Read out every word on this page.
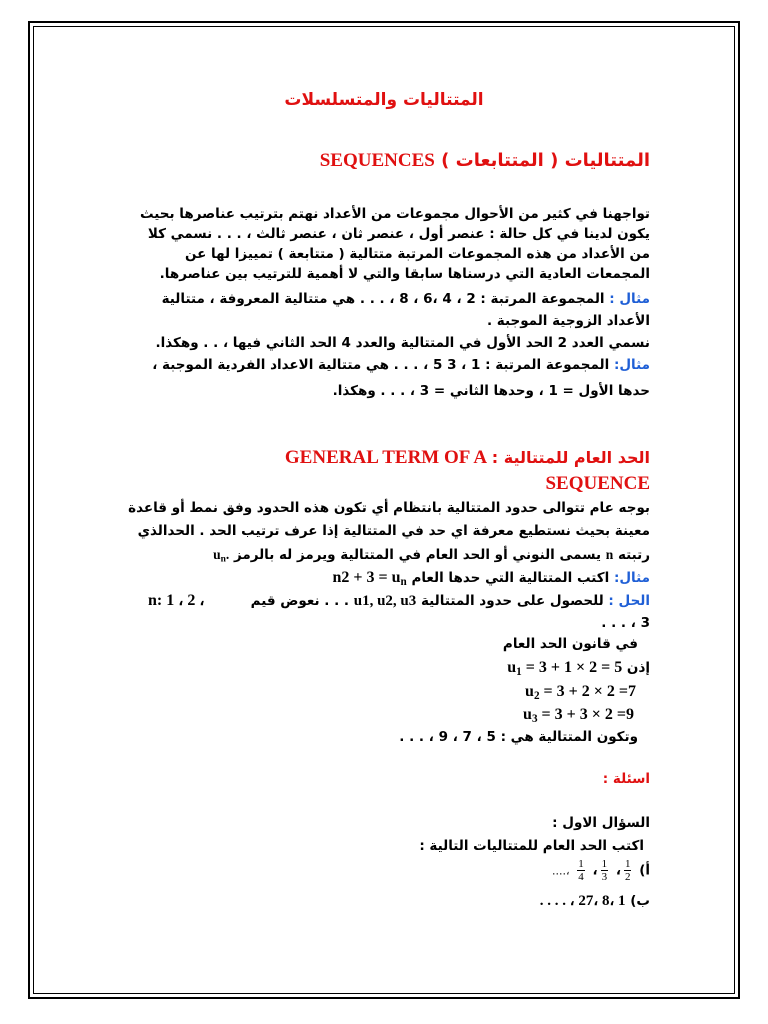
المتتاليات والمتسلسلات
المتتاليات ( المتتابعات ) SEQUENCES
تواجهنا في كثير من الأحوال مجموعات من الأعداد نهتم بترتيب عناصرها بحيث
يكون لدينا في كل حالة : عنصر أول ، عنصر ثان ، عنصر ثالث ، . . . نسمي كلا
من الأعداد من هذه المجموعات المرتبة متتالية ( متتابعة ) تمييزا لها عن
المجمعات العادية التي درسناها سابقا والتي لا أهمية للترتيب بين عناصرها.
مثال : المجموعة المرتبة : 2 ، 4 ،6 ، 8 ، . . . هي متتالية المعروفة ، متتالية
الأعداد الزوجية الموجبة .
نسمي العدد 2 الحد الأول في المتتالية والعدد 4 الحد الثاني فيها ، . . وهكذا.
مثال: المجموعة المرتبة : 1 ، 3 5 ، . . . هي متتالية الاعداد الفردية الموجبة ،
حدها الأول = 1 ، وحدها الثاني = 3 ، . . . وهكذا.
الحد العام للمتتالية : GENERAL TERM OF A
SEQUENCE
بوجه عام تتوالى حدود المتتالية بانتظام أي تكون هذه الحدود وفق نمط أو قاعدة
معينة بحيث نستطيع معرفة اي حد في المتتالية إذا عرف ترتيب الحد . الحدالذي
رتبته n يسمى النوني أو الحد العام في المتتالية ويرمز له بالرمز $u_n$.
مثال: اكتب المتتالية التي حدها العام $n2 + 3 = u_n$
الحل : للحصول على حدود المتتالية u1, u2, u3 . . . نعوض قيم
n: 1 ، 2 ،
3 ، . . .
في قانون الحد العام
إذن $u_1 = 3 + 1 \times 2 = 5$
$u_2 = 3 + 2 \times 2 =7$
$u_3 = 3 + 3 \times 2 =9$
وتكون المتتالية هي : 5 ، 7 ، 9 ، . . .
اسئلة :
السؤال الاول :
اكتب الحد العام للمتتاليات التالية :
أ)
$\frac{1}{2}$
،
$\frac{1}{3}$
،
$\frac{1}{4}$
،....
ب) 1 ،8 ،27 ، . . . .
